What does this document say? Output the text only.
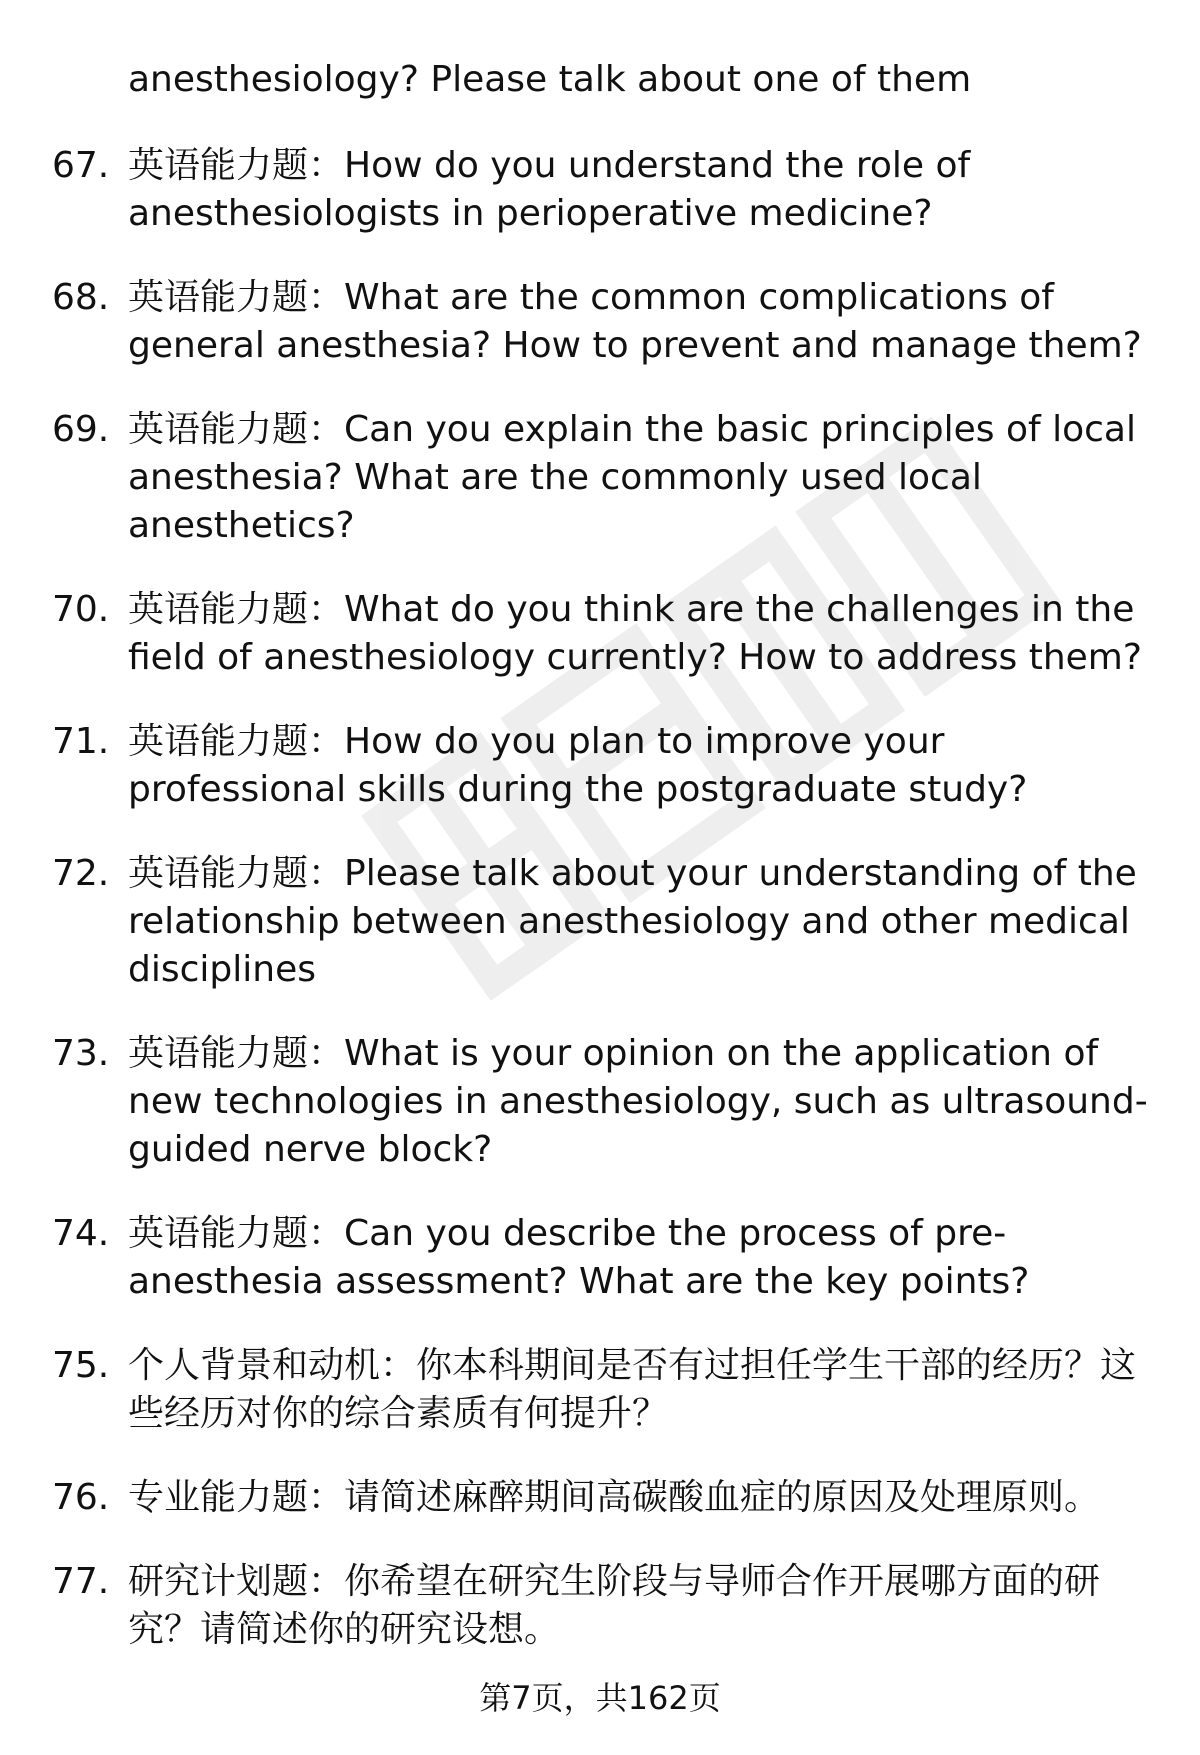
anesthesiology? Please talk about one of them
67. 英语能力题：How do you understand the role of anesthesiologists in perioperative medicine?
68. 英语能力题：What are the common complications of general anesthesia? How to prevent and manage them?
69. 英语能力题：Can you explain the basic principles of local anesthesia? What are the commonly used local anesthetics?
70. 英语能力题：What do you think are the challenges in the field of anesthesiology currently? How to address them?
71. 英语能力题：How do you plan to improve your professional skills during the postgraduate study?
72. 英语能力题：Please talk about your understanding of the relationship between anesthesiology and other medical disciplines
73. 英语能力题：What is your opinion on the application of new technologies in anesthesiology, such as ultrasound-guided nerve block?
74. 英语能力题：Can you describe the process of pre-anesthesia assessment? What are the key points?
75. 个人背景和动机：你本科期间是否有过担任学生干部的经历？这些经历对你的综合素质有何提升？
76. 专业能力题：请简述麻醉期间高碳酸血症的原因及处理原则。
77. 研究计划题：你希望在研究生阶段与导师合作开展哪方面的研究？请简述你的研究设想。
第7页，共162页
